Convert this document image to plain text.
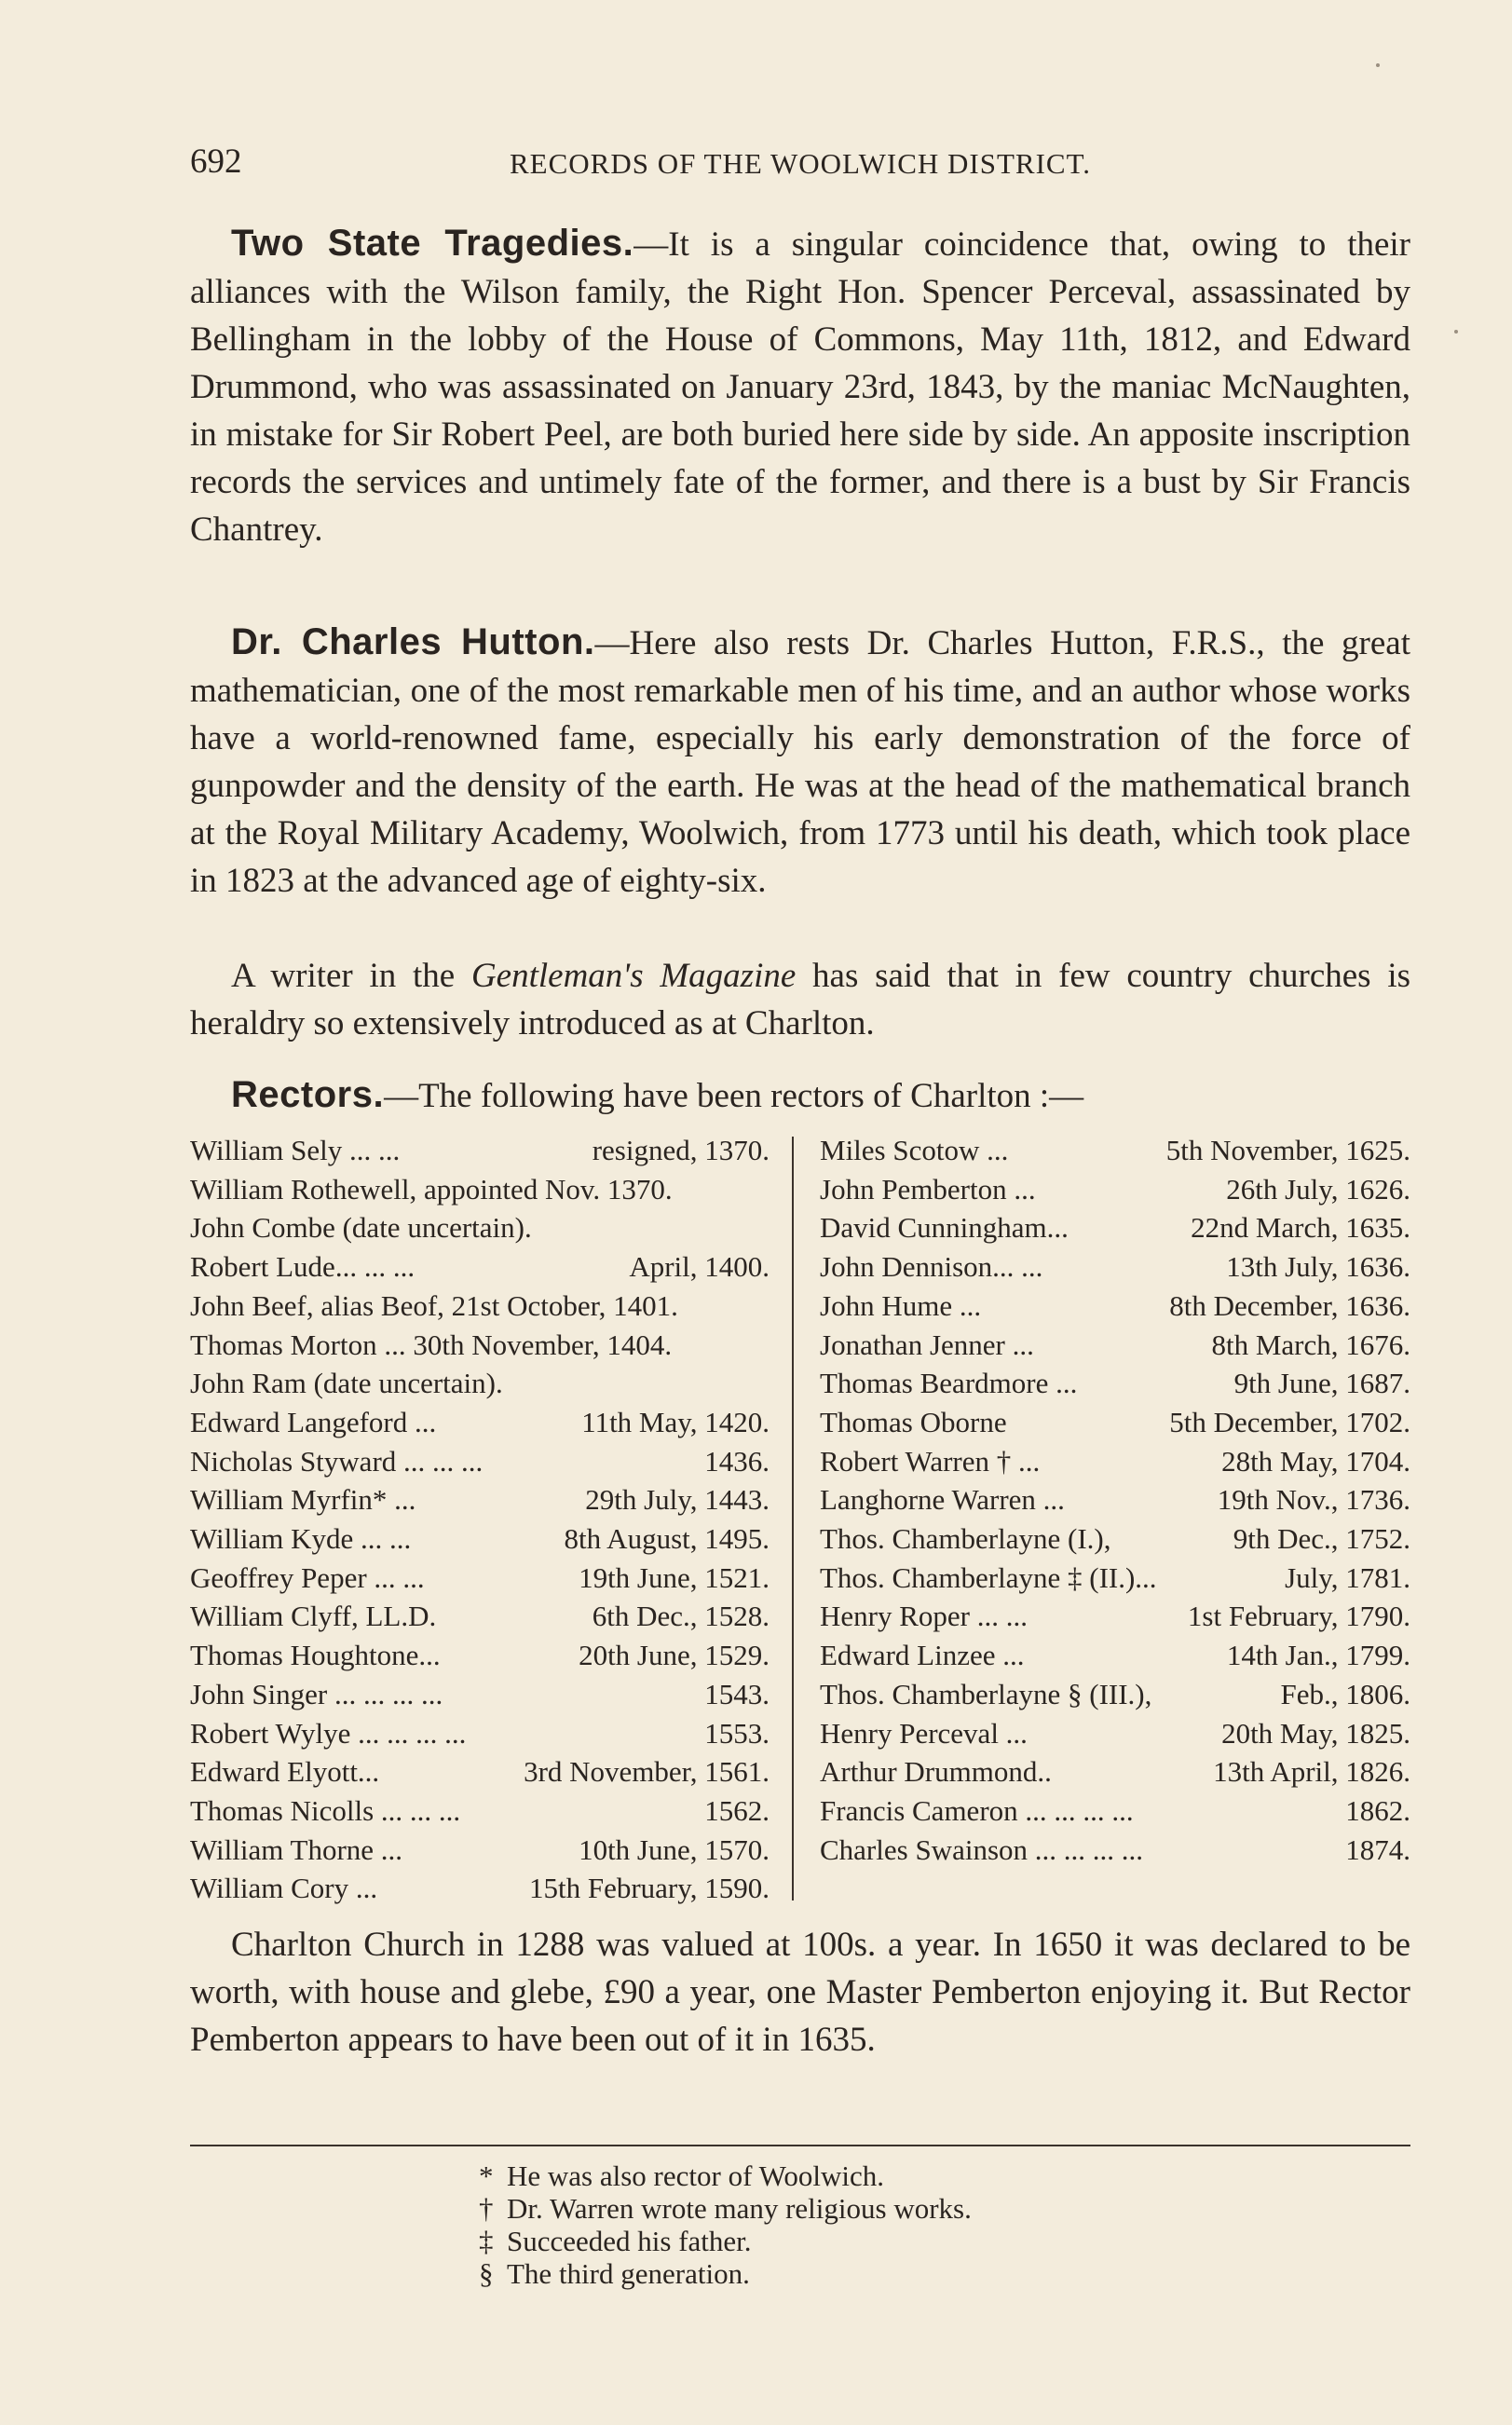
692	RECORDS OF THE WOOLWICH DISTRICT.

Two State Tragedies.—It is a singular coincidence that, owing to their alliances with the Wilson family, the Right Hon. Spencer Perceval, assassinated by Bellingham in the lobby of the House of Commons, May 11th, 1812, and Edward Drummond, who was assassinated on January 23rd, 1843, by the maniac McNaughten, in mistake for Sir Robert Peel, are both buried here side by side. An apposite inscription records the services and untimely fate of the former, and there is a bust by Sir Francis Chantrey.

Dr. Charles Hutton.—Here also rests Dr. Charles Hutton, F.R.S., the great mathematician, one of the most remarkable men of his time, and an author whose works have a world-renowned fame, especially his early demonstration of the force of gunpowder and the density of the earth. He was at the head of the mathematical branch at the Royal Military Academy, Woolwich, from 1773 until his death, which took place in 1823 at the advanced age of eighty-six.

A writer in the Gentleman's Magazine has said that in few country churches is heraldry so extensively introduced as at Charlton.

Rectors.—The following have been rectors of Charlton :—

William Sely ... ...	resigned, 1370.
William Rothewell, appointed Nov. 1370.
John Combe (date uncertain).
Robert Lude... ... ...	April, 1400.
John Beef, alias Beof, 21st October, 1401.
Thomas Morton ... 30th November, 1404.
John Ram (date uncertain).
Edward Langeford ...	11th May, 1420.
Nicholas Styward ... ... ...	1436.
William Myrfin* ...	29th July, 1443.
William Kyde ... ...	8th August, 1495.
Geoffrey Peper ... ...	19th June, 1521.
William Clyff, LL.D.	6th Dec., 1528.
Thomas Houghtone...	20th June, 1529.
John Singer ... ... ... ...	1543.
Robert Wylye ... ... ... ...	1553.
Edward Elyott...	3rd November, 1561.
Thomas Nicolls ... ... ...	1562.
William Thorne ...	10th June, 1570.
William Cory ...	15th February, 1590.
Miles Scotow ...	5th November, 1625.
John Pemberton ...	26th July, 1626.
David Cunningham...	22nd March, 1635.
John Dennison... ...	13th July, 1636.
John Hume ...	8th December, 1636.
Jonathan Jenner ...	8th March, 1676.
Thomas Beardmore ...	9th June, 1687.
Thomas Oborne	5th December, 1702.
Robert Warren † ...	28th May, 1704.
Langhorne Warren ...	19th Nov., 1736.
Thos. Chamberlayne (I.),	9th Dec., 1752.
Thos. Chamberlayne ‡ (II.)...	July, 1781.
Henry Roper ... ...	1st February, 1790.
Edward Linzee ...	14th Jan., 1799.
Thos. Chamberlayne § (III.),	Feb., 1806.
Henry Perceval ...	20th May, 1825.
Arthur Drummond..	13th April, 1826.
Francis Cameron ... ... ... ...	1862.
Charles Swainson ... ... ... ...	1874.

Charlton Church in 1288 was valued at 100s. a year. In 1650 it was declared to be worth, with house and glebe, £90 a year, one Master Pemberton enjoying it. But Rector Pemberton appears to have been out of it in 1635.

* He was also rector of Woolwich.
† Dr. Warren wrote many religious works.
‡ Succeeded his father.
§ The third generation.
